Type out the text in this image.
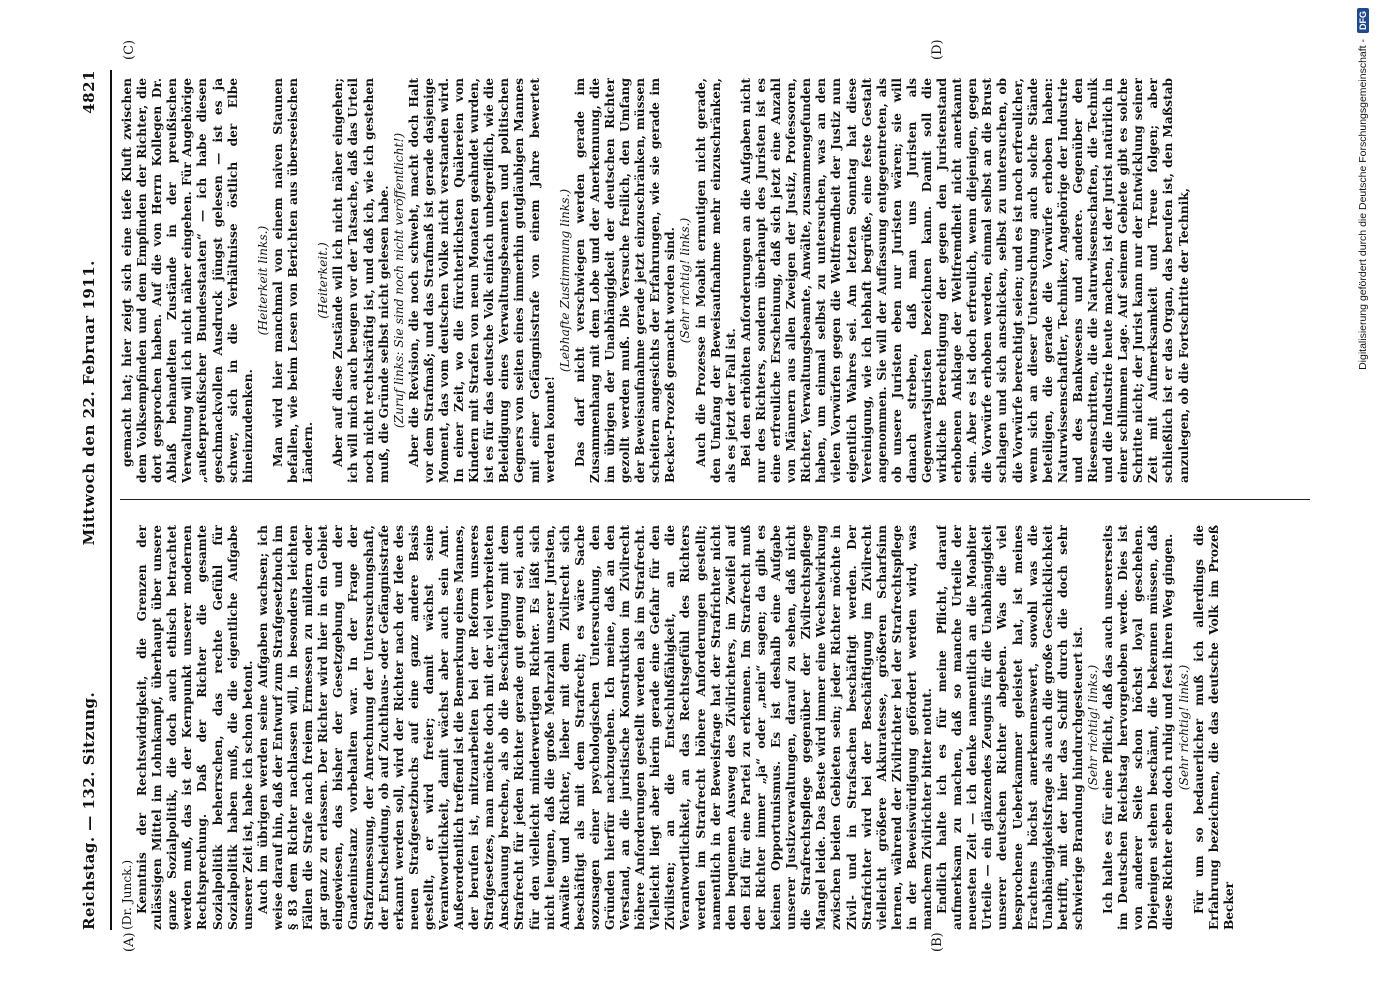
Reichstag. — 132. Sitzung.
Mittwoch den 22. Februar 1911.
4821
(A)	(B)
(C)	(D)

(Dr. Junck.) Kenntnis der Rechtswidrigkeit, die Grenzen der zulässigen Mittel im Lohnkampf, überhaupt über unsere ganze Sozialpolitik, die doch auch ethisch betrachtet werden muß, das ist der Kernpunkt unserer modernen Rechtsprechung. Daß der Richter die gesamte Sozialpolitik beherrschen, das rechte Gefühl für Sozialpolitik haben muß, die die eigentliche Aufgabe unserer Zeit ist, habe ich schon betont. Auch im übrigen werden seine Aufgaben wachsen; ich weise darauf hin, daß der Entwurf zum Strafgesetzbuch im § 83 dem Richter nachlassen will, in besonders leichten Fällen die Strafe nach freiem Ermessen zu mildern oder gar ganz zu erlassen. Der Richter wird hier in ein Gebiet eingewiesen, das bisher der Gesetzgebung und der Gnadeninstanz vorbehalten war. In der Frage der Strafzumessung, der Anrechnung der Untersuchungshaft, der Entscheidung, ob auf Zuchthaus- oder Gefängnisstrafe erkannt werden soll, wird der Richter nach der Idee des neuen Strafgesetzbuchs auf eine ganz andere Basis gestellt, er wird freier; damit wächst seine Verantwortlichkeit, damit wächst aber auch sein Amt. Außerordentlich treffend ist die Bemerkung eines Mannes, der berufen ist, mitzuarbeiten bei der Reform unseres Strafgesetzes, man möchte doch mit der viel verbreiteten Anschauung brechen, als ob die Beschäftigung mit dem Strafrecht für jeden Richter gerade gut genug sei, auch für den vielleicht minderwertigen Richter. Es läßt sich nicht leugnen, daß die große Mehrzahl unserer Juristen, Anwälte und Richter, lieber mit dem Zivilrecht sich beschäftigt als mit dem Strafrecht; es wäre Sache sozusagen einer psychologischen Untersuchung, den Gründen hierfür nachzugehen. Ich meine, daß an den Verstand, an die juristische Konstruktion im Zivilrecht höhere Anforderungen gestellt werden als im Strafrecht. Vielleicht liegt aber hierin gerade eine Gefahr für den Zivilisten; an die Entschlußfähigkeit, an die Verantwortlichkeit, an das Rechtsgefühl des Richters werden im Strafrecht höhere Anforderungen gestellt; namentlich in der Beweisfrage hat der Strafrichter nicht den bequemen Ausweg des Zivilrichters, im Zweifel auf den Eid für eine Partei zu erkennen. Im Strafrecht muß der Richter immer „ja“ oder „nein“ sagen; da gibt es keinen Opportunismus. Es ist deshalb eine Aufgabe unserer Justizverwaltungen, darauf zu sehen, daß nicht die Strafrechtspflege gegenüber der Zivilrechtspflege Mangel leide. Das Beste wird immer eine Wechselwirkung zwischen beiden Gebieten sein; jeder Richter möchte in Zivil- und in Strafsachen beschäftigt werden. Der Strafrichter wird bei der Beschäftigung im Zivilrecht vielleicht größere Akkuratesse, größeren Scharfsinn lernen, während der Zivilrichter bei der Strafrechtspflege in der Beweiswürdigung gefördert werden wird, was manchem Zivilrichter bitter nottut. Endlich halte ich es für meine Pflicht, darauf aufmerksam zu machen, daß so manche Urteile der neuesten Zeit — ich denke namentlich an die Moabiter Urteile — ein glänzendes Zeugnis für die Unabhängigkeit unserer deutschen Richter abgeben. Was die viel besprochene Ueberkammer geleistet hat, ist meines Erachtens höchst anerkennenswert, sowohl was die Unabhängigkeitsfrage als auch die große Geschicklichkeit betrifft, mit der hier das Schiff durch die doch sehr schwierige Brandung hindurchgesteuert ist. (Sehr richtig! links.) Ich halte es für eine Pflicht, daß das auch unsererseits im Deutschen Reichstag hervorgehoben werde. Dies ist von anderer Seite schon höchst loyal geschehen. Diejenigen stehen beschämt, die bekennen müssen, daß diese Richter eben doch ruhig und fest ihren Weg gingen. (Sehr richtig! links.) Für um so bedauerlicher muß ich allerdings die Erfahrung bezeichnen, die das deutsche Volk im Prozeß Becker

gemacht hat; hier zeigt sich eine tiefe Kluft zwischen dem Volksempfinden und dem Empfinden der Richter, die dort gesprochen haben. Auf die von Herrn Kollegen Dr. Ablaß behandelten Zustände in der preußischen Verwaltung will ich nicht näher eingehen. Für Angehörige „außerpreußischer Bundesstaaten“ — ich habe diesen geschmackvollen Ausdruck jüngst gelesen — ist es ja schwer, sich in die Verhältnisse östlich der Elbe hineinzudenken.

(Heiterkeit links.) Man wird hier manchmal von einem naiven Staunen befallen, wie beim Lesen von Berichten aus überseeischen Ländern.

(Heiterkeit.) Aber auf diese Zustände will ich nicht näher eingehen; ich will mich auch beugen vor der Tatsache, daß das Urteil noch nicht rechtskräftig ist, und daß ich, wie ich gestehen muß, die Gründe selbst nicht gelesen habe. (Zuruf links: Sie sind noch nicht veröffentlicht!) Aber die Revision, die noch schwebt, macht doch Halt vor dem Strafmaß; und das Strafmaß ist gerade dasjenige Moment, das vom deutschen Volke nicht verstanden wird. In einer Zeit, wo die fürchterlichsten Quälereien von Kindern mit Strafen von neun Monaten geahndet wurden, ist es für das deutsche Volk einfach unbegreiflich, wie die Beleidigung eines Verwaltungsbeamten und politischen Gegners von seiten eines immerhin gutgläubigen Mannes mit einer Gefängnisstrafe von einem Jahre bewertet werden konnte!

(Lebhafte Zustimmung links.) Das darf nicht verschwiegen werden gerade im Zusammenhang mit dem Lobe und der Anerkennung, die im übrigen der Unabhängigkeit der deutschen Richter gezollt werden muß. Die Versuche freilich, den Umfang der Beweisaufnahme gerade jetzt einzuschränken, müssen scheitern angesichts der Erfahrungen, wie sie gerade im Becker-Prozeß gemacht worden sind. (Sehr richtig! links.) Auch die Prozesse in Moabit ermutigen nicht gerade, den Umfang der Beweisaufnahme mehr einzuschränken, als es jetzt der Fall ist. Bei den erhöhten Anforderungen an die Aufgaben nicht nur des Richters, sondern überhaupt des Juristen ist es eine erfreuliche Erscheinung, daß sich jetzt eine Anzahl von Männern aus allen Zweigen der Justiz, Professoren, Richter, Verwaltungsbeamte, Anwälte, zusammengefunden haben, um einmal selbst zu untersuchen, was an den vielen Vorwürfen gegen die Weltfremdheit der Justiz nun eigentlich Wahres sei. Am letzten Sonntag hat diese Vereinigung, wie ich lebhaft begrüße, eine feste Gestalt angenommen. Sie will der Auffassung entgegentreten, als ob unsere Juristen eben nur Juristen wären; sie will danach streben, daß man uns Juristen als Gegenwartsjuristen bezeichnen kann. Damit soll die wirkliche Berechtigung der gegen den Juristenstand erhobenen Anklage der Weltfremdheit nicht anerkannt sein. Aber es ist doch erfreulich, wenn diejenigen, gegen die Vorwürfe erhoben werden, einmal selbst an die Brust schlagen und sich anschicken, selbst zu untersuchen, ob die Vorwürfe berechtigt seien; und es ist noch erfreulicher, wenn sich an dieser Untersuchung auch solche Stände beteiligen, die gerade die Vorwürfe erhoben haben: Naturwissenschaftler, Techniker, Angehörige der Industrie und des Bankwesens und andere. Gegenüber den Riesenschritten, die die Naturwissenschaften, die Technik und die Industrie heute machen, ist der Jurist natürlich in einer schlimmen Lage. Auf seinem Gebiete gibt es solche Schritte nicht; der Jurist kann nur der Entwicklung seiner Zeit mit Aufmerksamkeit und Treue folgen; aber schließlich ist er das Organ, das berufen ist, den Maßstab anzulegen, ob die Fortschritte der Technik,	Digitalisierung gefördert durch die Deutsche Forschungsgemeinschaft -
DFG
